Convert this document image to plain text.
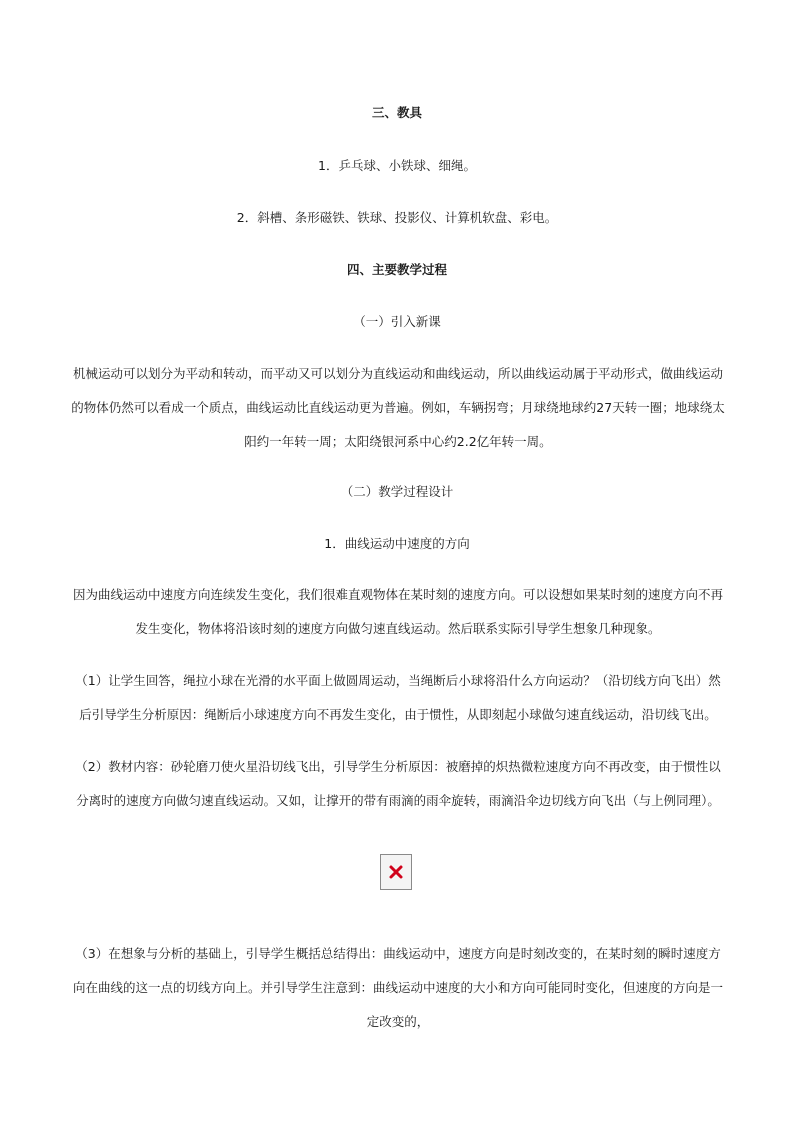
三、教具
1．乒乓球、小铁球、细绳。
2．斜槽、条形磁铁、铁球、投影仪、计算机软盘、彩电。
四、主要教学过程
（一）引入新课
机械运动可以划分为平动和转动，而平动又可以划分为直线运动和曲线运动，所以曲线运动属于平动形式，做曲线运动的物体仍然可以看成一个质点，曲线运动比直线运动更为普遍。例如，车辆拐弯；月球绕地球约27天转一圈；地球绕太阳约一年转一周；太阳绕银河系中心约2.2亿年转一周。
（二）教学过程设计
1．曲线运动中速度的方向
因为曲线运动中速度方向连续发生变化，我们很难直观物体在某时刻的速度方向。可以设想如果某时刻的速度方向不再发生变化，物体将沿该时刻的速度方向做匀速直线运动。然后联系实际引导学生想象几种现象。
（1）让学生回答，绳拉小球在光滑的水平面上做圆周运动，当绳断后小球将沿什么方向运动？（沿切线方向飞出）然后引导学生分析原因：绳断后小球速度方向不再发生变化，由于惯性，从即刻起小球做匀速直线运动，沿切线飞出。
（2）教材内容：砂轮磨刀使火星沿切线飞出，引导学生分析原因：被磨掉的炽热微粒速度方向不再改变，由于惯性以分离时的速度方向做匀速直线运动。又如，让撑开的带有雨滴的雨伞旋转，雨滴沿伞边切线方向飞出（与上例同理）。
（3）在想象与分析的基础上，引导学生概括总结得出：曲线运动中，速度方向是时刻改变的，在某时刻的瞬时速度方向在曲线的这一点的切线方向上。并引导学生注意到：曲线运动中速度的大小和方向可能同时变化，但速度的方向是一定改变的，
